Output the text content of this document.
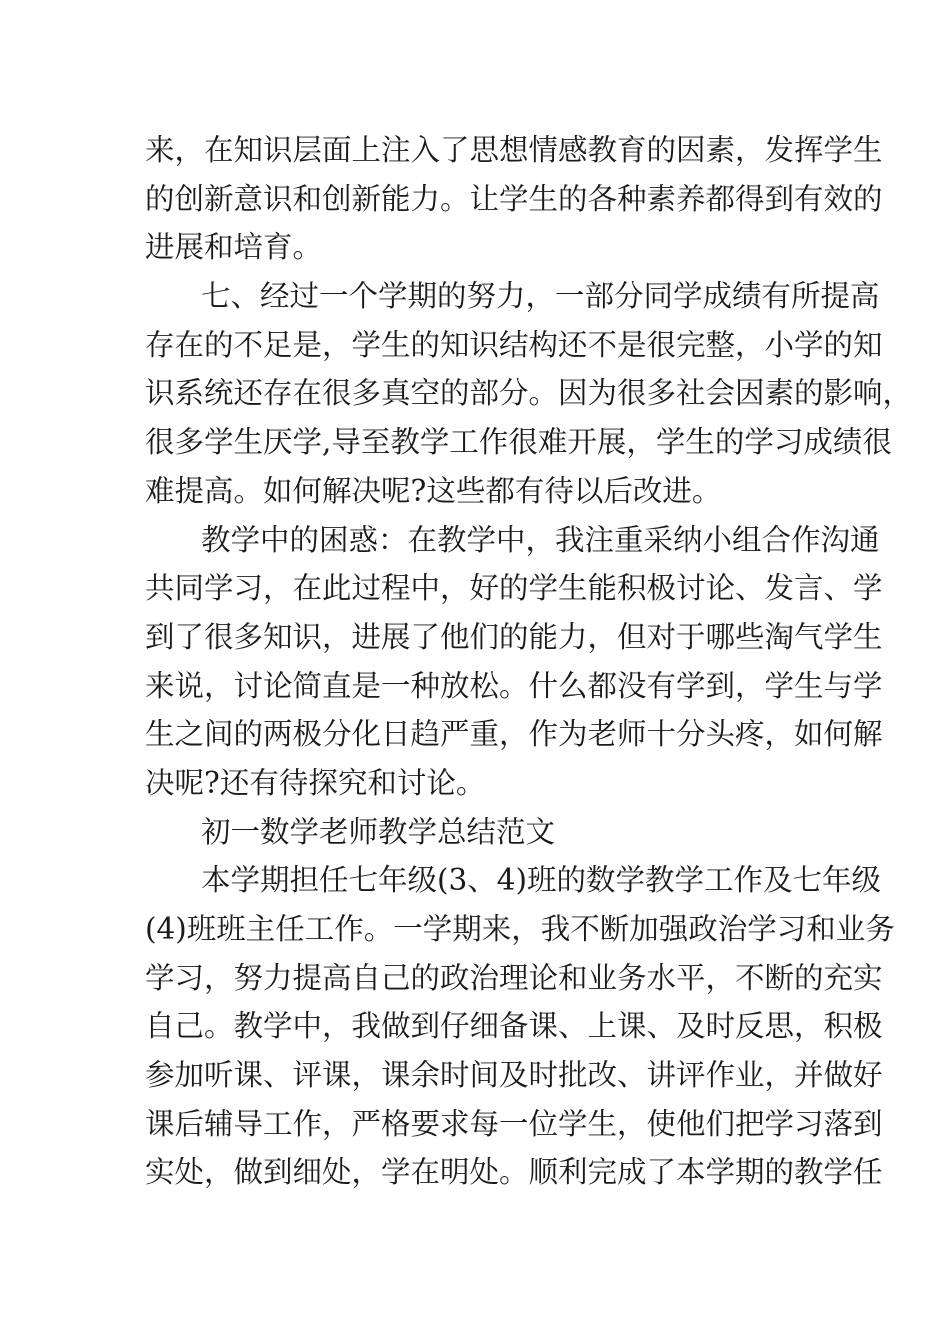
来，在知识层面上注入了思想情感教育的因素，发挥学生
的创新意识和创新能力。让学生的各种素养都得到有效的
进展和培育。
七、经过一个学期的努力，一部分同学成绩有所提高
存在的不足是，学生的知识结构还不是很完整，小学的知
识系统还存在很多真空的部分。因为很多社会因素的影响，
很多学生厌学,导至教学工作很难开展，学生的学习成绩很
难提高。如何解决呢?这些都有待以后改进。
教学中的困惑：在教学中，我注重采纳小组合作沟通
共同学习，在此过程中，好的学生能积极讨论、发言、学
到了很多知识，进展了他们的能力，但对于哪些淘气学生
来说，讨论简直是一种放松。什么都没有学到，学生与学
生之间的两极分化日趋严重，作为老师十分头疼，如何解
决呢?还有待探究和讨论。
初一数学老师教学总结范文
本学期担任七年级(3、4)班的数学教学工作及七年级
(4)班班主任工作。一学期来，我不断加强政治学习和业务
学习，努力提高自己的政治理论和业务水平，不断的充实
自己。教学中，我做到仔细备课、上课、及时反思，积极
参加听课、评课，课余时间及时批改、讲评作业，并做好
课后辅导工作，严格要求每一位学生，使他们把学习落到
实处，做到细处，学在明处。顺利完成了本学期的教学任
